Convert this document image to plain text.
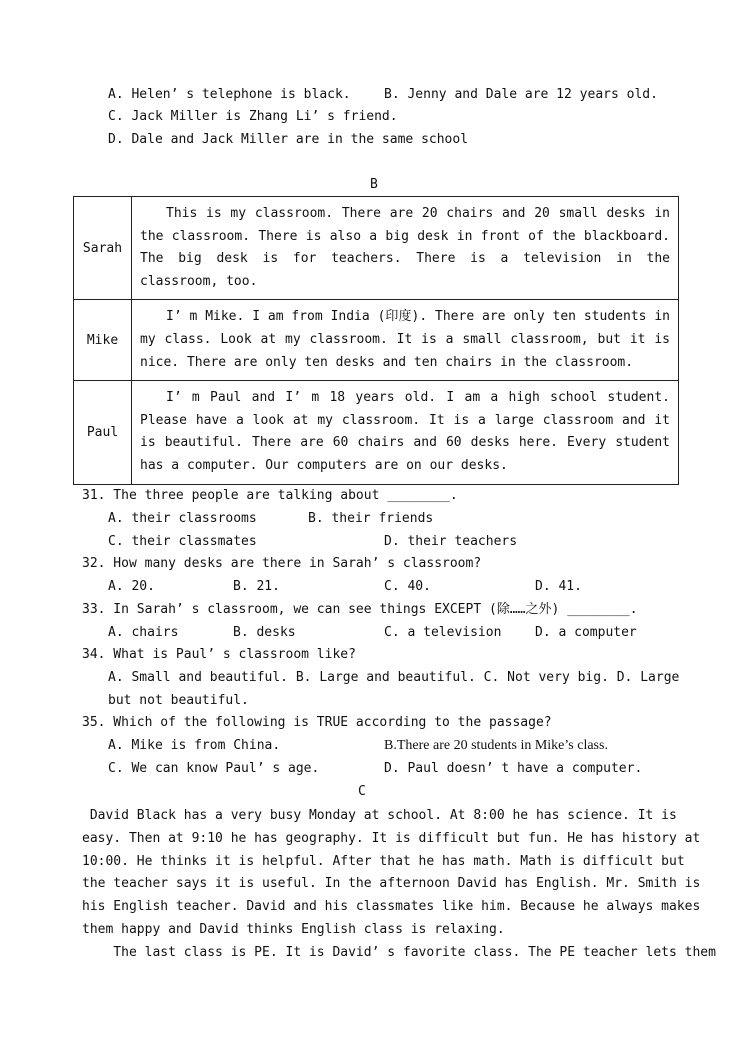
A. Helen’ s telephone is black.	B. Jenny and Dale are 12 years old.
C. Jack Miller is Zhang Li’ s friend.
D. Dale and Jack Miller are in the same school
B
Sarah	This is my classroom. There are 20 chairs and 20 small desks in the classroom. There is also a big desk in front of the blackboard. The big desk is for teachers. There is a television in the classroom, too.

Mike	I’ m Mike. I am from India (印度). There are only ten students in my class. Look at my classroom. It is a small classroom, but it is nice. There are only ten desks and ten chairs in the classroom.

Paul	I’ m Paul and I’ m 18 years old. I am a high school student. Please have a look at my classroom. It is a large classroom and it is beautiful. There are 60 chairs and 60 desks here. Every student has a computer. Our computers are on our desks.
31. The three people are talking about ________.
A. their classrooms	B. their friends
C. their classmates	D. their teachers
32. How many desks are there in Sarah’ s classroom?
A. 20.	B. 21.	C. 40.	D. 41.
33. In Sarah’ s classroom, we can see things EXCEPT (除……之外) ________.
A. chairs	B. desks	C. a television	D. a computer
34. What is Paul’ s classroom like?
A. Small and beautiful. B. Large and beautiful. C. Not very big. D. Large
but not beautiful.
35. Which of the following is TRUE according to the passage?
A. Mike is from China.	B.There are 20 students in Mike’s class.
C. We can know Paul’ s age.	D. Paul doesn’ t have a computer.
C
David Black has a very busy Monday at school. At 8:00 he has science. It is
easy. Then at 9:10 he has geography. It is difficult but fun. He has history at
10:00. He thinks it is helpful. After that he has math. Math is difficult but
the teacher says it is useful. In the afternoon David has English. Mr. Smith is
his English teacher. David and his classmates like him. Because he always makes
them happy and David thinks English class is relaxing.
The last class is PE. It is David’ s favorite class. The PE teacher lets them
